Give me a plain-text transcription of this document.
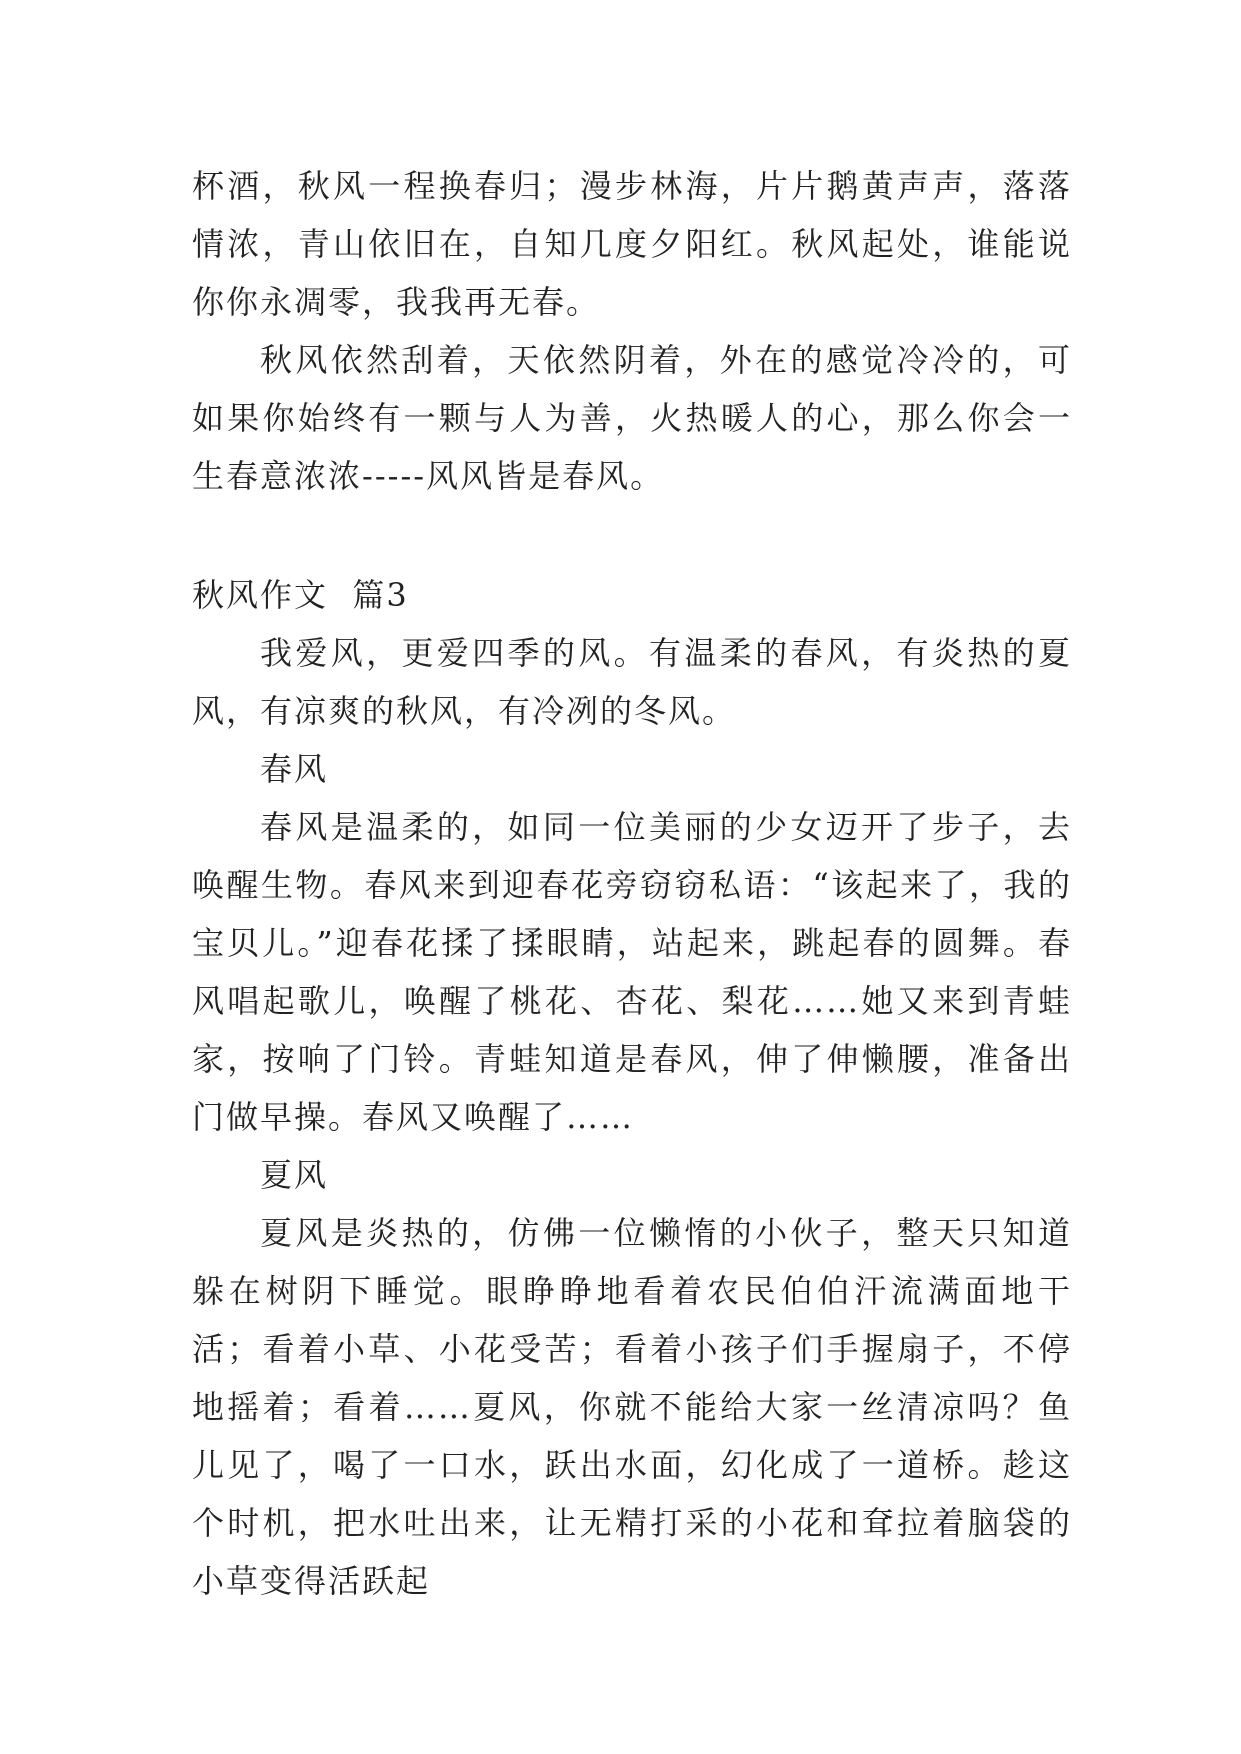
杯酒，秋风一程换春归；漫步林海，片片鹅黄声声，落落情浓，青山依旧在，自知几度夕阳红。秋风起处，谁能说你你永凋零，我我再无春。

秋风依然刮着，天依然阴着，外在的感觉冷冷的，可如果你始终有一颗与人为善，火热暖人的心，那么你会一生春意浓浓-----风风皆是春风。

秋风作文  篇3

我爱风，更爱四季的风。有温柔的春风，有炎热的夏风，有凉爽的秋风，有冷冽的冬风。

春风

春风是温柔的，如同一位美丽的少女迈开了步子，去唤醒生物。春风来到迎春花旁窃窃私语：“该起来了，我的宝贝儿。”迎春花揉了揉眼睛，站起来，跳起春的圆舞。春风唱起歌儿，唤醒了桃花、杏花、梨花……她又来到青蛙家，按响了门铃。青蛙知道是春风，伸了伸懒腰，准备出门做早操。春风又唤醒了……

夏风

夏风是炎热的，仿佛一位懒惰的小伙子，整天只知道躲在树阴下睡觉。眼睁睁地看着农民伯伯汗流满面地干活；看着小草、小花受苦；看着小孩子们手握扇子，不停地摇着；看着……夏风，你就不能给大家一丝清凉吗？鱼儿见了，喝了一口水，跃出水面，幻化成了一道桥。趁这个时机，把水吐出来，让无精打采的小花和耷拉着脑袋的小草变得活跃起
